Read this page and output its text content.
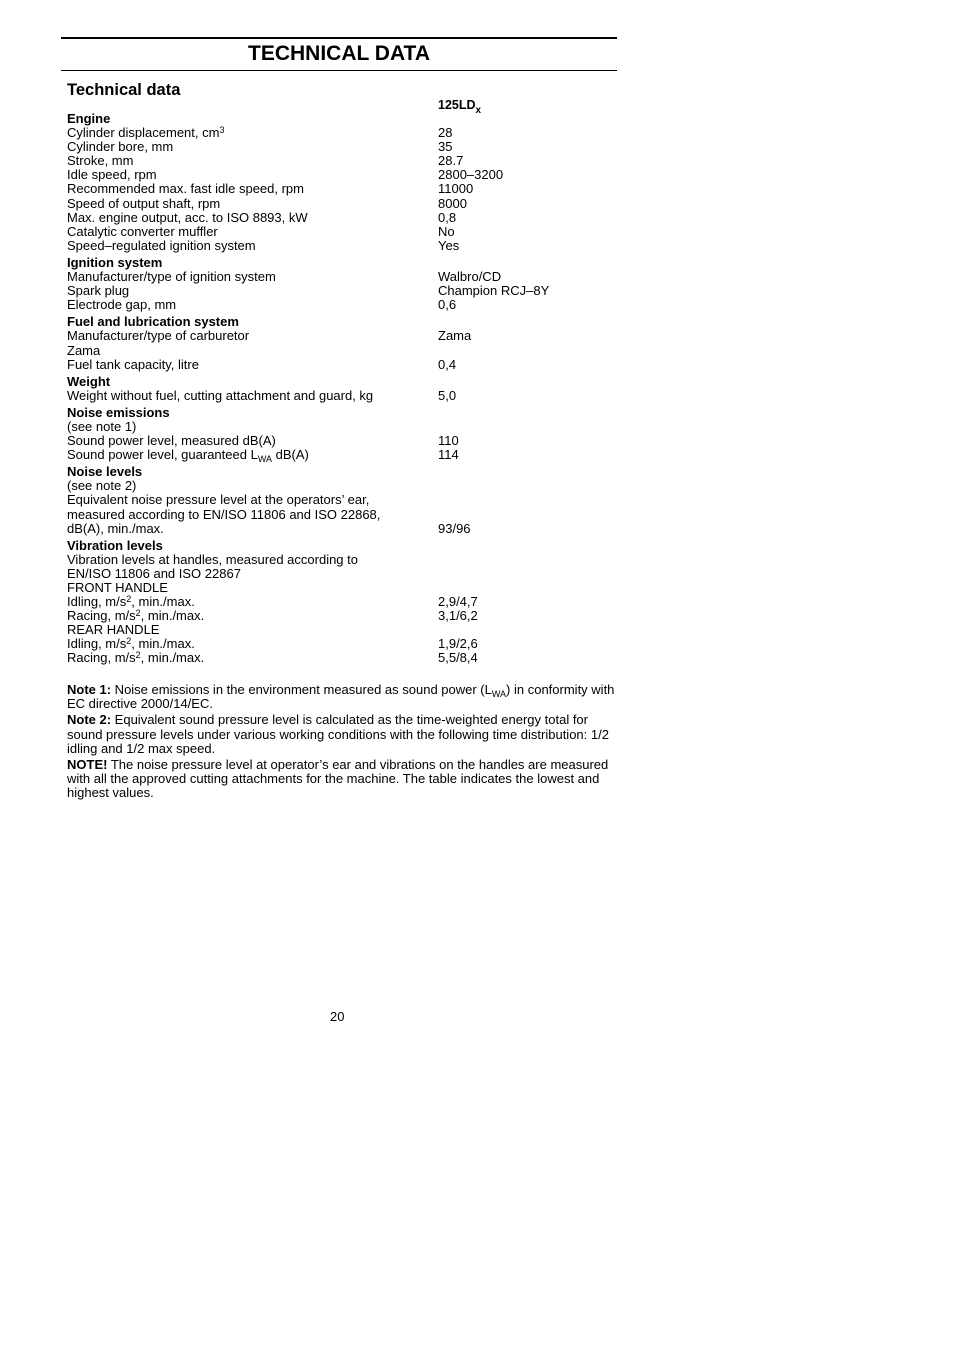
TECHNICAL DATA
Technical data
$125LD_x$
Engine
Cylinder displacement, $cm^3$	28
Cylinder bore, mm	35
Stroke, mm	28.7
Idle speed, rpm	2800–3200
Recommended max. fast idle speed, rpm	11000
Speed of output shaft, rpm	8000
Max. engine output, acc. to ISO 8893, kW	0,8
Catalytic converter muffler	No
Speed–regulated ignition system	Yes
Ignition system
Manufacturer/type of ignition system	Walbro/CD
Spark plug	Champion RCJ–8Y
Electrode gap, mm	0,6
Fuel and lubrication system
Manufacturer/type of carburetor	Zama
Zama
Fuel tank capacity, litre	0,4
Weight
Weight without fuel, cutting attachment and guard, kg	5,0
Noise emissions
(see note 1)
Sound power level, measured dB(A)	110
Sound power level, guaranteed $L_{WA}$ dB(A)	114
Noise levels
(see note 2)
Equivalent noise pressure level at the operators’ ear,
measured according to EN/ISO 11806 and ISO 22868,
dB(A), min./max.	93/96
Vibration levels
Vibration levels at handles, measured according to
EN/ISO 11806 and ISO 22867
FRONT HANDLE
Idling, $m/s^2$, min./max.	2,9/4,7
Racing, $m/s^2$, min./max.	3,1/6,2
REAR HANDLE
Idling, $m/s^2$, min./max.	1,9/2,6
Racing, $m/s^2$, min./max.	5,5/8,4

Note 1: Noise emissions in the environment measured as sound power $(L_{WA})$ in conformity with EC directive 2000/14/EC.

Note 2: Equivalent sound pressure level is calculated as the time-weighted energy total for sound pressure levels under various working conditions with the following time distribution: 1/2 idling and 1/2 max speed.

NOTE! The noise pressure level at operator’s ear and vibrations on the handles are measured with all the approved cutting attachments for the machine. The table indicates the lowest and highest values.

20
